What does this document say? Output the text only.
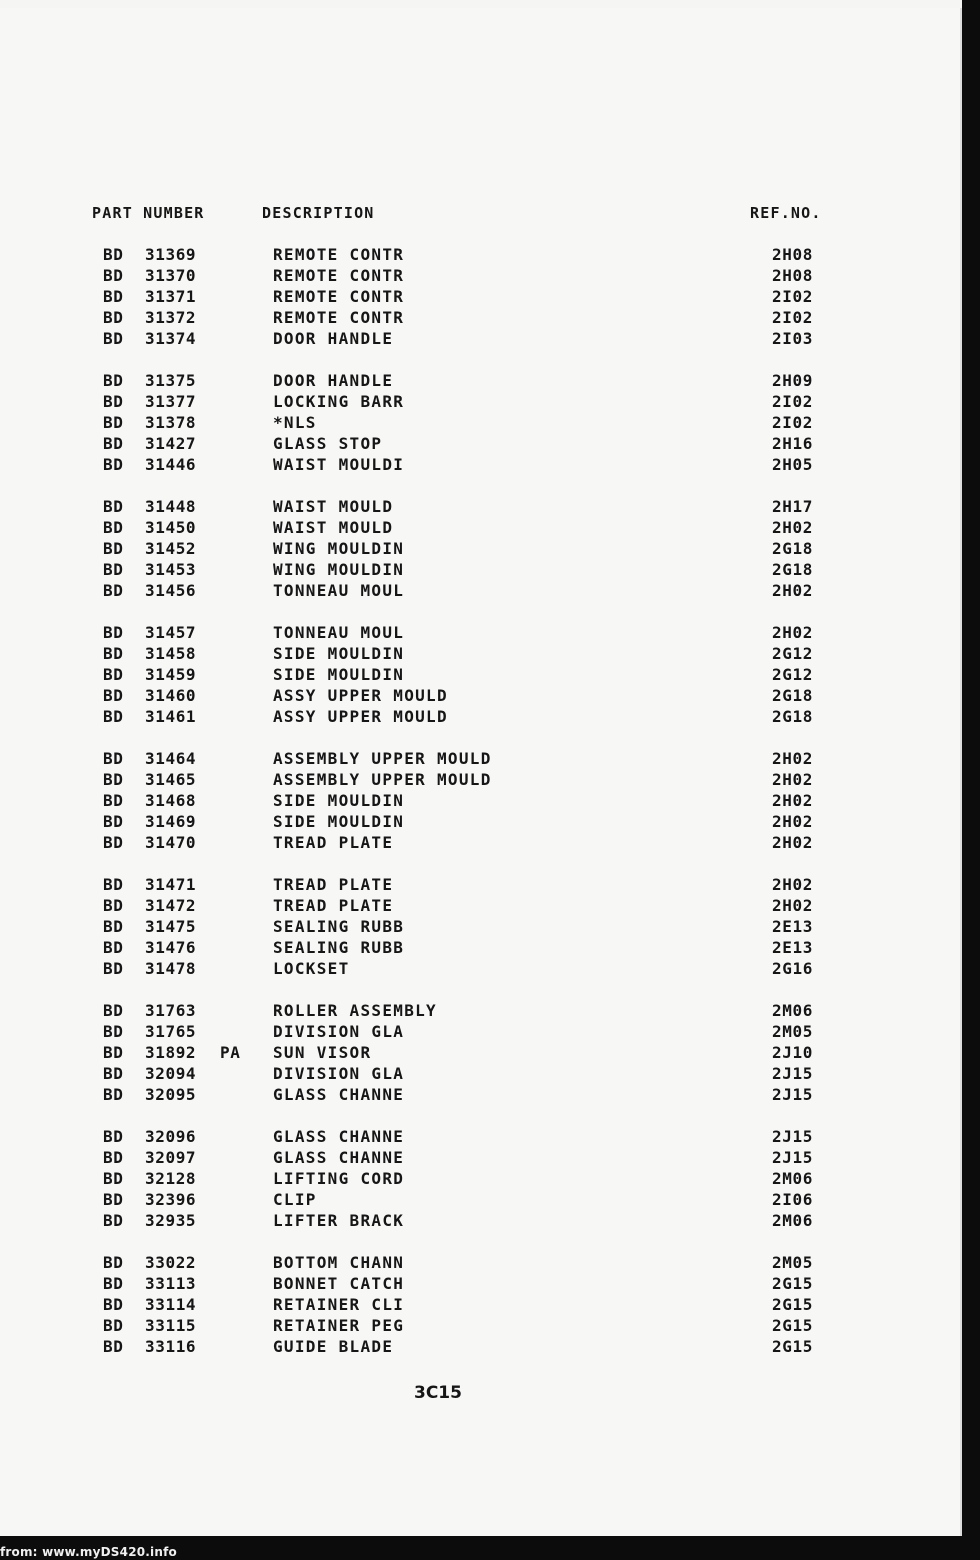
PART NUMBER	DESCRIPTION	REF.NO.
BD 31369	REMOTE CONTR	2H08
BD 31370	REMOTE CONTR	2H08
BD 31371	REMOTE CONTR	2I02
BD 31372	REMOTE CONTR	2I02
BD 31374	DOOR HANDLE	2I03
BD 31375	DOOR HANDLE	2H09
BD 31377	LOCKING BARR	2I02
BD 31378	*NLS	2I02
BD 31427	GLASS STOP	2H16
BD 31446	WAIST MOULDI	2H05
BD 31448	WAIST MOULD	2H17
BD 31450	WAIST MOULD	2H02
BD 31452	WING MOULDIN	2G18
BD 31453	WING MOULDIN	2G18
BD 31456	TONNEAU MOUL	2H02
BD 31457	TONNEAU MOUL	2H02
BD 31458	SIDE MOULDIN	2G12
BD 31459	SIDE MOULDIN	2G12
BD 31460	ASSY UPPER MOULD	2G18
BD 31461	ASSY UPPER MOULD	2G18
BD 31464	ASSEMBLY UPPER MOULD	2H02
BD 31465	ASSEMBLY UPPER MOULD	2H02
BD 31468	SIDE MOULDIN	2H02
BD 31469	SIDE MOULDIN	2H02
BD 31470	TREAD PLATE	2H02
BD 31471	TREAD PLATE	2H02
BD 31472	TREAD PLATE	2H02
BD 31475	SEALING RUBB	2E13
BD 31476	SEALING RUBB	2E13
BD 31478	LOCKSET	2G16
BD 31763	ROLLER ASSEMBLY	2M06
BD 31765	DIVISION GLA	2M05
BD 31892 PA SUN VISOR	2J10
BD 32094	DIVISION GLA	2J15
BD 32095	GLASS CHANNE	2J15
BD 32096	GLASS CHANNE	2J15
BD 32097	GLASS CHANNE	2J15
BD 32128	LIFTING CORD	2M06
BD 32396	CLIP	2I06
BD 32935	LIFTER BRACK	2M06
BD 33022	BOTTOM CHANN	2M05
BD 33113	BONNET CATCH	2G15
BD 33114	RETAINER CLI	2G15
BD 33115	RETAINER PEG	2G15
BD 33116	GUIDE BLADE	2G15
3C15
from: www.myDS420.info
